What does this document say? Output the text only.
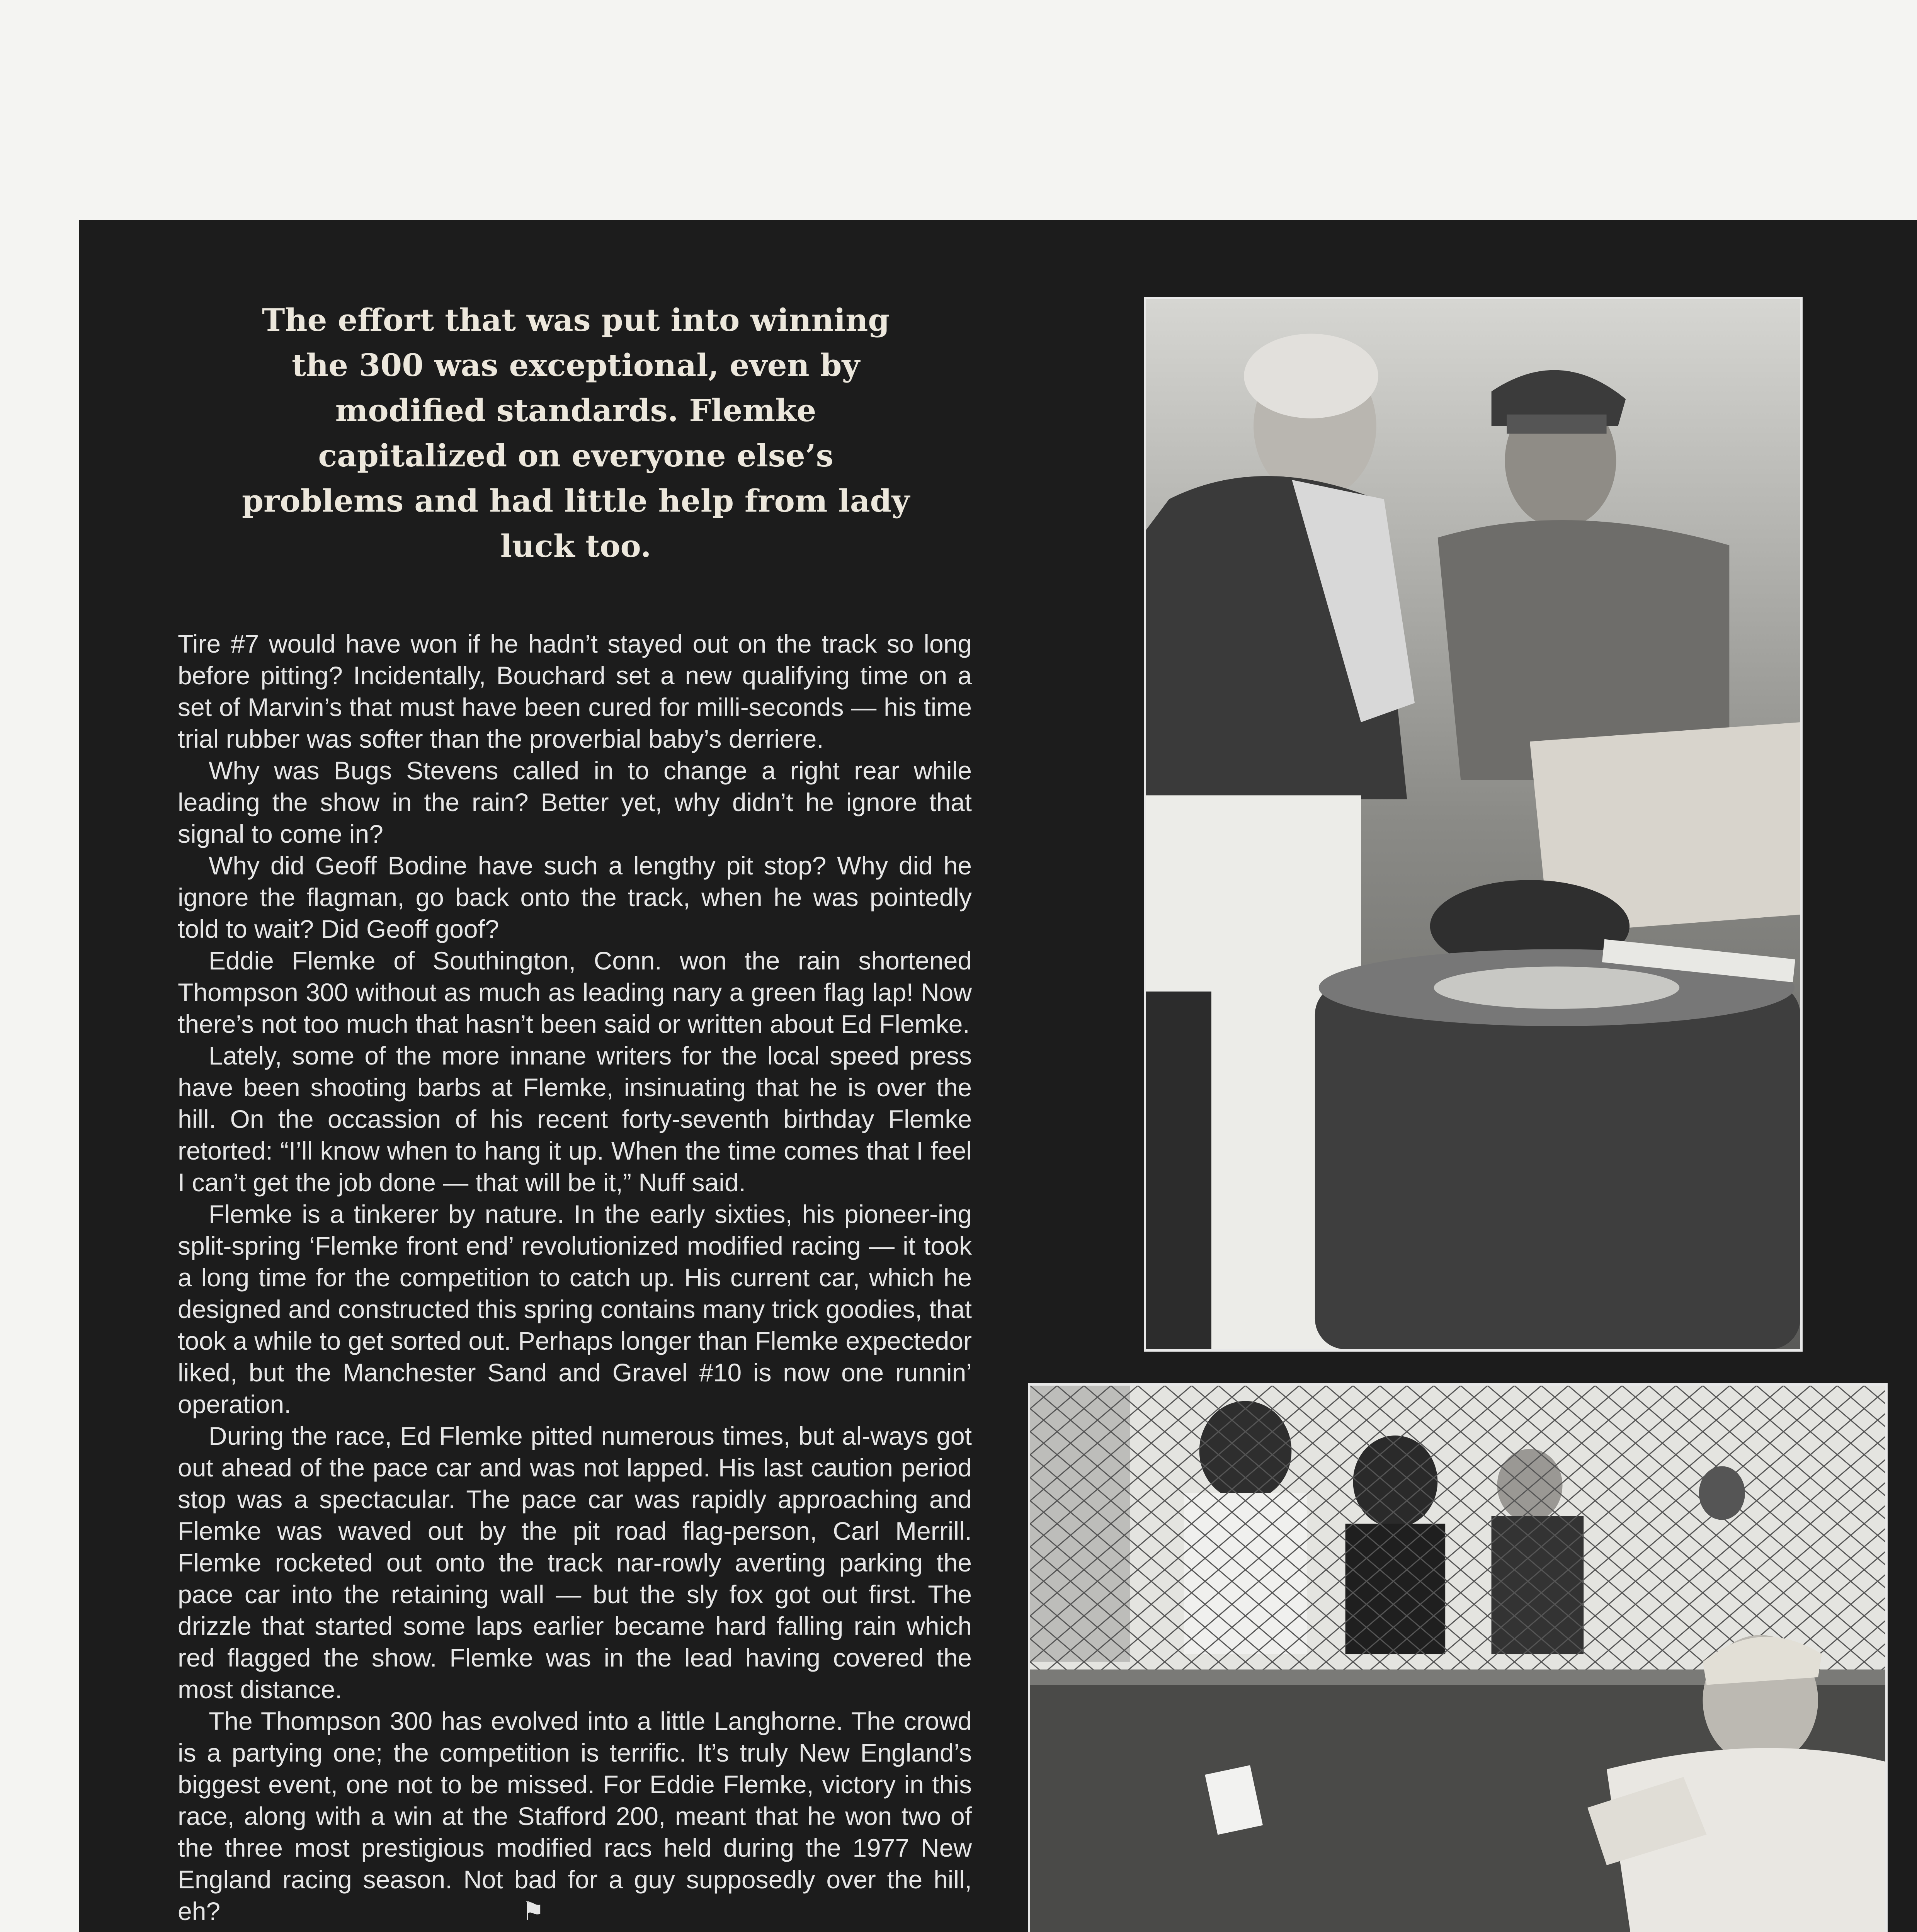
The effort that was put into winning the 300 was exceptional, even by modified standards. Flemke capitalized on everyone else’s problems and had little help from lady luck too.

Tire #7 would have won if he hadn’t stayed out on the track so long before pitting? Incidentally, Bouchard set a new qualifying time on a set of Marvin’s that must have been cured for milli-seconds — his time trial rubber was softer than the proverbial baby’s derriere.

Why was Bugs Stevens called in to change a right rear while leading the show in the rain? Better yet, why didn’t he ignore that signal to come in?

Why did Geoff Bodine have such a lengthy pit stop? Why did he ignore the flagman, go back onto the track, when he was pointedly told to wait? Did Geoff goof?

Eddie Flemke of Southington, Conn. won the rain shortened Thompson 300 without as much as leading nary a green flag lap! Now there’s not too much that hasn’t been said or written about Ed Flemke.

Lately, some of the more innane writers for the local speed press have been shooting barbs at Flemke, insinuating that he is over the hill. On the occassion of his recent forty-seventh birthday Flemke retorted: “I’ll know when to hang it up. When the time comes that I feel I can’t get the job done — that will be it,” Nuff said.

Flemke is a tinkerer by nature. In the early sixties, his pioneer-ing split-spring ‘Flemke front end’ revolutionized modified racing — it took a long time for the competition to catch up. His current car, which he designed and constructed this spring contains many trick goodies, that took a while to get sorted out. Perhaps longer than Flemke expectedor liked, but the Manchester Sand and Gravel #10 is now one runnin’ operation.

During the race, Ed Flemke pitted numerous times, but al-ways got out ahead of the pace car and was not lapped. His last caution period stop was a spectacular. The pace car was rapidly approaching and Flemke was waved out by the pit road flag-person, Carl Merrill. Flemke rocketed out onto the track nar-rowly averting parking the pace car into the retaining wall — but the sly fox got out first. The drizzle that started some laps earlier became hard falling rain which red flagged the show. Flemke was in the lead having covered the most distance.

The Thompson 300 has evolved into a little Langhorne. The crowd is a partying one; the competition is terrific. It’s truly New England’s biggest event, one not to be missed. For Eddie Flemke, victory in this race, along with a win at the Stafford 200, meant that he won two of the three most prestigious modified racs held during the 1977 New England racing season. Not bad for a guy supposedly over the hill, eh?	⚑
